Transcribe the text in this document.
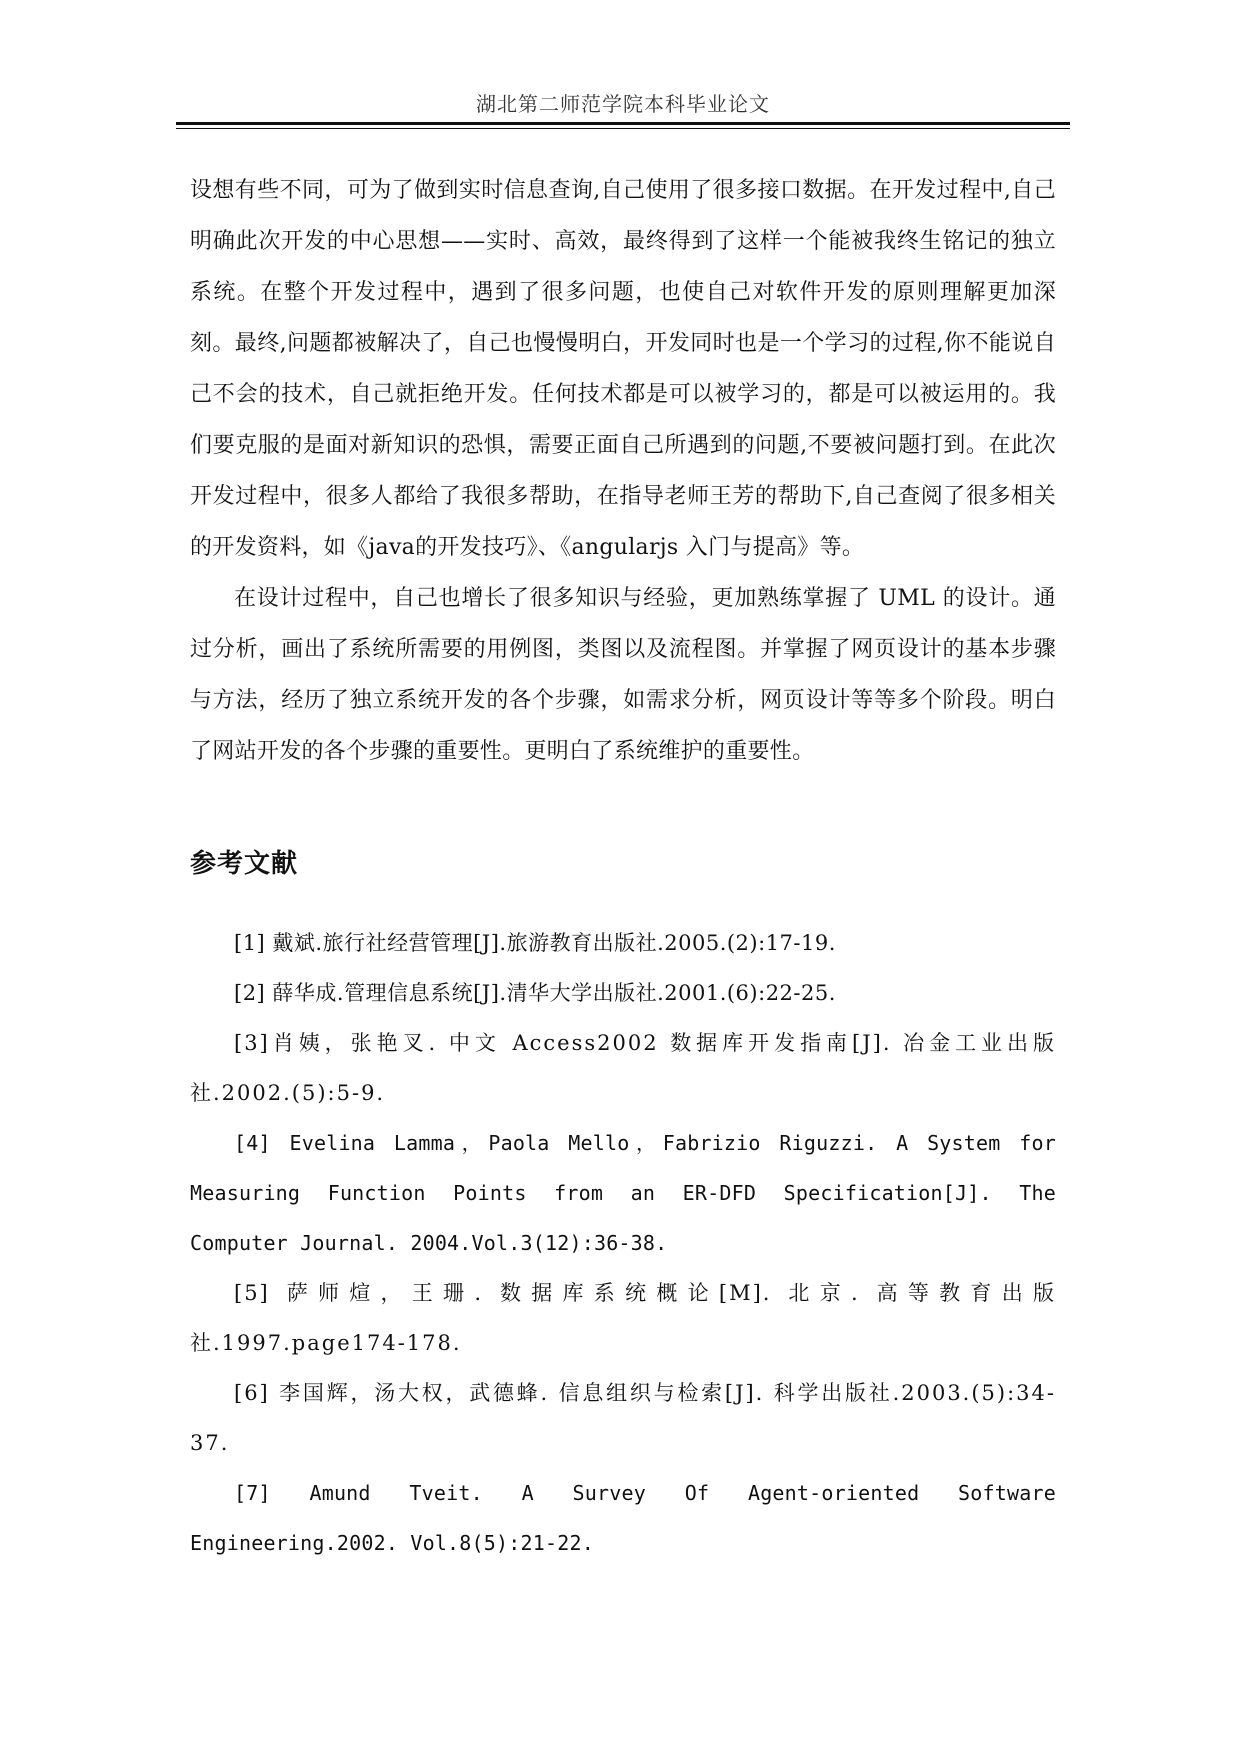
湖北第二师范学院本科毕业论文

设想有些不同，可为了做到实时信息查询,自己使用了很多接口数据。在开发过程中,自己明确此次开发的中心思想——实时、高效，最终得到了这样一个能被我终生铭记的独立系统。在整个开发过程中，遇到了很多问题，也使自己对软件开发的原则理解更加深刻。最终,问题都被解决了，自己也慢慢明白，开发同时也是一个学习的过程,你不能说自己不会的技术，自己就拒绝开发。任何技术都是可以被学习的，都是可以被运用的。我们要克服的是面对新知识的恐惧，需要正面自己所遇到的问题,不要被问题打到。在此次开发过程中，很多人都给了我很多帮助，在指导老师王芳的帮助下,自己查阅了很多相关的开发资料，如《java的开发技巧》、《angularjs 入门与提高》等。

在设计过程中，自己也增长了很多知识与经验，更加熟练掌握了 UML 的设计。通过分析，画出了系统所需要的用例图，类图以及流程图。并掌握了网页设计的基本步骤与方法，经历了独立系统开发的各个步骤，如需求分析，网页设计等等多个阶段。明白了网站开发的各个步骤的重要性。更明白了系统维护的重要性。

参考文献

[1] 戴斌.旅行社经营管理[J].旅游教育出版社.2005.(2):17-19.

[2] 薛华成.管理信息系统[J].清华大学出版社.2001.(6):22-25.

[3]肖姨，张艳叉. 中文 Access2002 数据库开发指南[J]. 冶金工业出版社.2002.(5):5-9.

[4] Evelina Lamma，Paola Mello，Fabrizio Riguzzi. A System for Measuring Function Points from an ER-DFD Specification[J]. The Computer Journal. 2004.Vol.3(12):36-38.

[5] 萨师煊，王珊. 数据库系统概论[M]. 北京. 高等教育出版社.1997.page174-178.

[6] 李国辉，汤大权，武德蜂. 信息组织与检索[J]. 科学出版社.2003.(5):34-37.

[7] Amund Tveit. A Survey Of Agent-oriented Software Engineering.2002. Vol.8(5):21-22.
